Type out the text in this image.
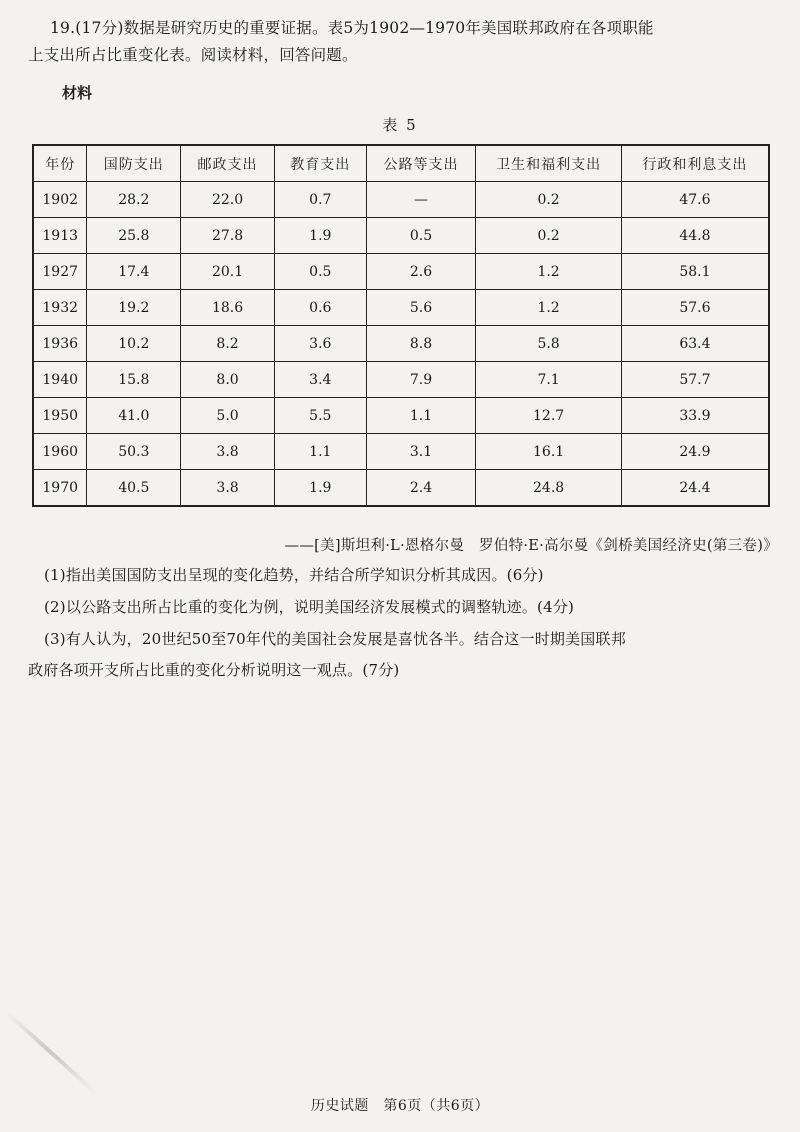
19.(17分)数据是研究历史的重要证据。表5为1902—1970年美国联邦政府在各项职能
上支出所占比重变化表。阅读材料，回答问题。
材料
表 5
年份	国防支出	邮政支出	教育支出	公路等支出	卫生和福利支出	行政和利息支出
1902	28.2	22.0	0.7	—	0.2	47.6
1913	25.8	27.8	1.9	0.5	0.2	44.8
1927	17.4	20.1	0.5	2.6	1.2	58.1
1932	19.2	18.6	0.6	5.6	1.2	57.6
1936	10.2	8.2	3.6	8.8	5.8	63.4
1940	15.8	8.0	3.4	7.9	7.1	57.7
1950	41.0	5.0	5.5	1.1	12.7	33.9
1960	50.3	3.8	1.1	3.1	16.1	24.9
1970	40.5	3.8	1.9	2.4	24.8	24.4
——[美]斯坦利·L·恩格尔曼　罗伯特·E·高尔曼《剑桥美国经济史(第三卷)》
(1)指出美国国防支出呈现的变化趋势，并结合所学知识分析其成因。(6分)
(2)以公路支出所占比重的变化为例，说明美国经济发展模式的调整轨迹。(4分)
(3)有人认为，20世纪50至70年代的美国社会发展是喜忧各半。结合这一时期美国联邦
政府各项开支所占比重的变化分析说明这一观点。(7分)
历史试题　第6页（共6页）
